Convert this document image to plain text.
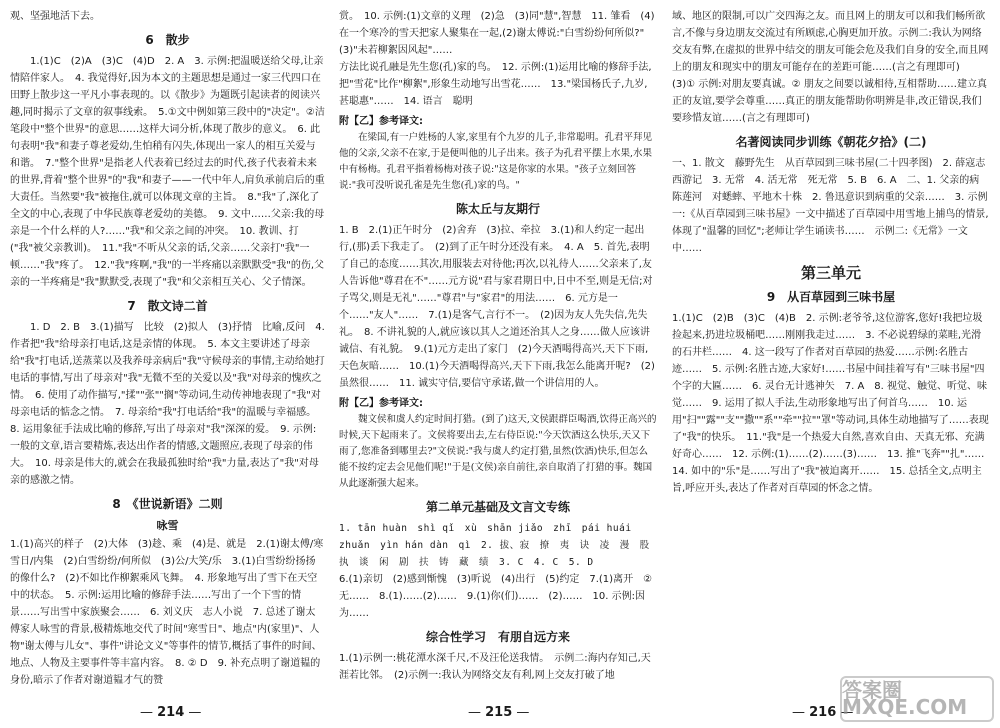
观、坚强地活下去。

6　散步

1.(1)C　(2)A　(3)C　(4)D　2. A　3. 示例:把温暖送给父母,让亲情陪伴家人。　4. 我觉得好,因为本文的主题思想是通过一家三代四口在田野上散步这一平凡小事表现的。以《散步》为题既引起读者的阅读兴趣,同时揭示了文章的叙事线索。　5.①文中例如第三段中的"决定"。②洁笔段中"整个世界"的意思……这样大词分析,体现了散步的意义。　6. 此句表明"我"和妻子尊老爱幼,生怕稍有闪失,体现出一家人的相互关爱与和谐。　7."整个世界"是指老人代表着已经过去的时代,孩子代表着未来的世界,背着"整个世界"的"我"和妻子——一代中年人,肩负承前启后的重大责任。当然要"我"被拖住,就可以体现文章的主旨。　8."我"了,深化了全文的中心,表现了中华民族尊老爱幼的美德。　9. 文中……父亲:我的母亲是一个什么样的人?……"我"和父亲之间的冲突。　10. 教训、打("我"被父亲教训)。　11."我"不听从父亲的话,父亲……父亲打"我"一顿……"我"疼了。　12."我"疼啊,"我"的一半疼痛以亲默默受"我"的伤,父亲的一半疼痛是"我"默默受,表现了"我"和父亲相互关心、父子情深。

7　散文诗二首

1. D　2. B　3.(1)描写　比较　(2)拟人　(3)抒情　比喻,反问　4. 作者把"我"给母亲打电话,这是亲情的体现。　5. 本文主要讲述了母亲给"我"打电话,送蒸菜以及我养母亲病后"我"守候母亲的事情,主动给她打电话的事情,写出了母亲对"我"无微不至的关爱以及"我"对母亲的愧疚之情。　6. 使用了动作描写,"揉""张""搁"等动词,生动传神地表现了"我"对母亲电话的惦念之情。　7. 母亲给"我"打电话给"我"的温暖与幸福感。　8. 运用象征手法成比喻的修辞,写出了母亲对"我"深深的爱。　9. 示例:一般的文章,语言要精炼,表达出作者的情感,文题照应,表现了母亲的伟大。　10. 母亲是伟大的,就会在我最孤独时给"我"力量,表达了"我"对母亲的感激之情。

8　《世说新语》二则
咏雪

1.(1)高兴的样子　(2)大体　(3)趁、乘　(4)是、就是　2.(1)谢太傅/寒雪日/内集　(2)白雪纷纷/何所似　(3)公/大笑/乐　3.(1)白雪纷纷扬扬的像什么?　(2)不如比作柳絮乘风飞舞。　4. 形象地写出了雪下在天空中的状态。　5. 示例:运用比喻的修辞手法……写出了一个下雪的情景……写出雪中家族聚会……　6. 刘义庆　志人小说　7. 总述了谢太傅家人咏雪的背景,极精炼地交代了时间"寒雪日"、地点"内(家里)"、人物"谢太傅与儿女"、事件"讲论文义"等事件的情节,概括了事件的时间、地点、人物及主要事件等丰富内容。　8. ② D　9. 补充点明了谢道韫的身份,暗示了作者对谢道韫才气的赞

赏。　10. 示例:(1)文章的义理　(2)急　(3)同"慧",智慧　11. 雏看　(4)在一个寒冷的雪天把家人聚集在一起,(2)谢太傅说:"白雪纷纷何所似?"　(3)"未若柳絮因风起"……

方法比说孔融是先生您(孔)家的鸟。　12. 示例:(1)运用比喻的修辞手法,把"雪花"比作"柳絮",形象生动地写出雪花……　13."梁国杨氏子,九岁,甚聪惠"……　14. 语言　聪明

附【乙】参考译文:

在梁国,有一户姓杨的人家,家里有个九岁的儿子,非常聪明。孔君平拜见他的父亲,父亲不在家,于是便叫他的儿子出来。孩子为孔君平摆上水果,水果中有杨梅。孔君平指着杨梅对孩子说:"这是你家的水果。"孩子立刻回答说:"我可没听说孔雀是先生您(孔)家的鸟。"

陈太丘与友期行

1. B　2.(1)正午时分　(2)舍弃　(3)拉、牵拉　3.(1)和人约定一起出行,(那)丢下我走了。　(2)到了正午时分还没有来。　4. A　5. 首先,表明了自己的态度……其次,用服装去对待他;再次,以礼待人……父亲来了,友人告诉他"尊君在不"……元方说"君与家君期日中,日中不至,则是无信;对子骂父,则是无礼"……"尊君"与"家君"的用法……　6. 元方是一个……"友人"……　7.(1)是客气,言行不一。　(2)因为友人先失信,先失礼。　8. 不讲礼貌的人,就应该以其人之道还治其人之身……做人应该讲诚信、有礼貌。　9.(1)元方走出了家门　(2)今天酒喝得高兴,天下下雨,天色灰暗……　10.(1)今天酒喝得高兴,天下下雨,我怎么能离开呢?　(2)虽然很……　11. 诚实守信,要信守承诺,做一个讲信用的人。

附【乙】参考译文:

魏文侯和虞人约定时间打猎。(到了)这天,文侯跟群臣喝酒,饮得正高兴的时候,天下起雨来了。文侯将要出去,左右侍臣说:"今天饮酒这么快乐,天又下雨了,您准备到哪里去?"文侯说:"我与虞人约定打猎,虽然(饮酒)快乐,但怎么能不按约定去会见他们呢!"于是(文侯)亲自前往,亲自取消了打猎的事。魏国从此逐渐强大起来。

第二单元基础及文言文专练

1. tān huàn　shì qǐ　xù　shān jiǎo　zhī　pái huái　zhuǎn　yìn hán dàn　qì　2. 拔、寂　撩　夷　诀　凌　漫　股　执　谈　闲　剧　扶　铸　藏　绩　3. C　4. C　5. D

6.(1)亲切　(2)感到惭愧　(3)听说　(4)出行　(5)约定　7.(1)离开　②无……　8.(1)……(2)……　9.(1)你(们)……　(2)……　10. 示例:因为……

综合性学习　有朋自远方来

1.(1)示例一:桃花潭水深千尺,不及汪伦送我情。　示例二:海内存知己,天涯若比邻。　(2)示例一:我认为网络交友有利,网上交友打破了地

域、地区的限制,可以广交四海之友。而且网上的朋友可以和我们畅所欲言,不像与身边朋友交流过有所顾虑,心胸更加开放。示例二:我认为网络交友有弊,在虚拟的世界中结交的朋友可能会危及我们自身的安全,而且网上的朋友和现实中的朋友可能存在的差距可能……(言之有理即可)　(3)① 示例:对朋友要真诚。② 朋友之间要以诚相待,互相帮助……建立真正的友谊,要学会尊重……真正的朋友能帮助你明辨是非,改正错误,我们要珍惜友谊……(言之有理即可)

名著阅读同步训练《朝花夕拾》(二)

一、1. 散文　藤野先生　从百草园到三味书屋(二十四孝图)　2. 薛寇志　西游记　3. 无常　4. 活无常　死无常　5. B　6. A　二、1. 父亲的病　陈莲河　对蟋蟀、平地木十株　2. 鲁迅意识到病重的父亲……　3. 示例一:《从百草园到三味书屋》一文中描述了百草园中用雪地上捕鸟的情景,体现了"温馨的回忆";老师让学生诵读书……　示例二:《无常》一文中……

第三单元
9　从百草园到三味书屋

1.(1)C　(2)B　(3)C　(4)B　2. 示例:老爷爷,这位游客,您好!我把垃圾捡起来,扔进垃圾桶吧……刚刚我走过……　3. 不必说碧绿的菜畦,光滑的石井栏……　4. 这一段写了作者对百草园的热爱……示例:名胜古迹……　5. 示例:名胜古迹,大家好!……书屋中间挂着写有"三味书屋"四个字的大匾……　6. 灵台无计逃神矢　7. A　8. 视觉、触觉、听觉、味觉……　9. 运用了拟人手法,生动形象地写出了何首乌……　10. 运用"扫""露""支""撒""系""牵""拉""罩"等动词,具体生动地描写了……表现了"我"的快乐。　11."我"是一个热爱大自然,喜欢自由、天真无邪、充满好奇心……　12. 示例:(1)……(2)……(3)……　13. 推"飞奔""扎"……　14. 如中的"乐"是……写出了"我"被迫离开……　15. 总括全文,点明主旨,呼应开头,表达了作者对百草园的怀念之情。

— 214 —	— 215 —	— 216 —
答案圈 MXQE.COM
